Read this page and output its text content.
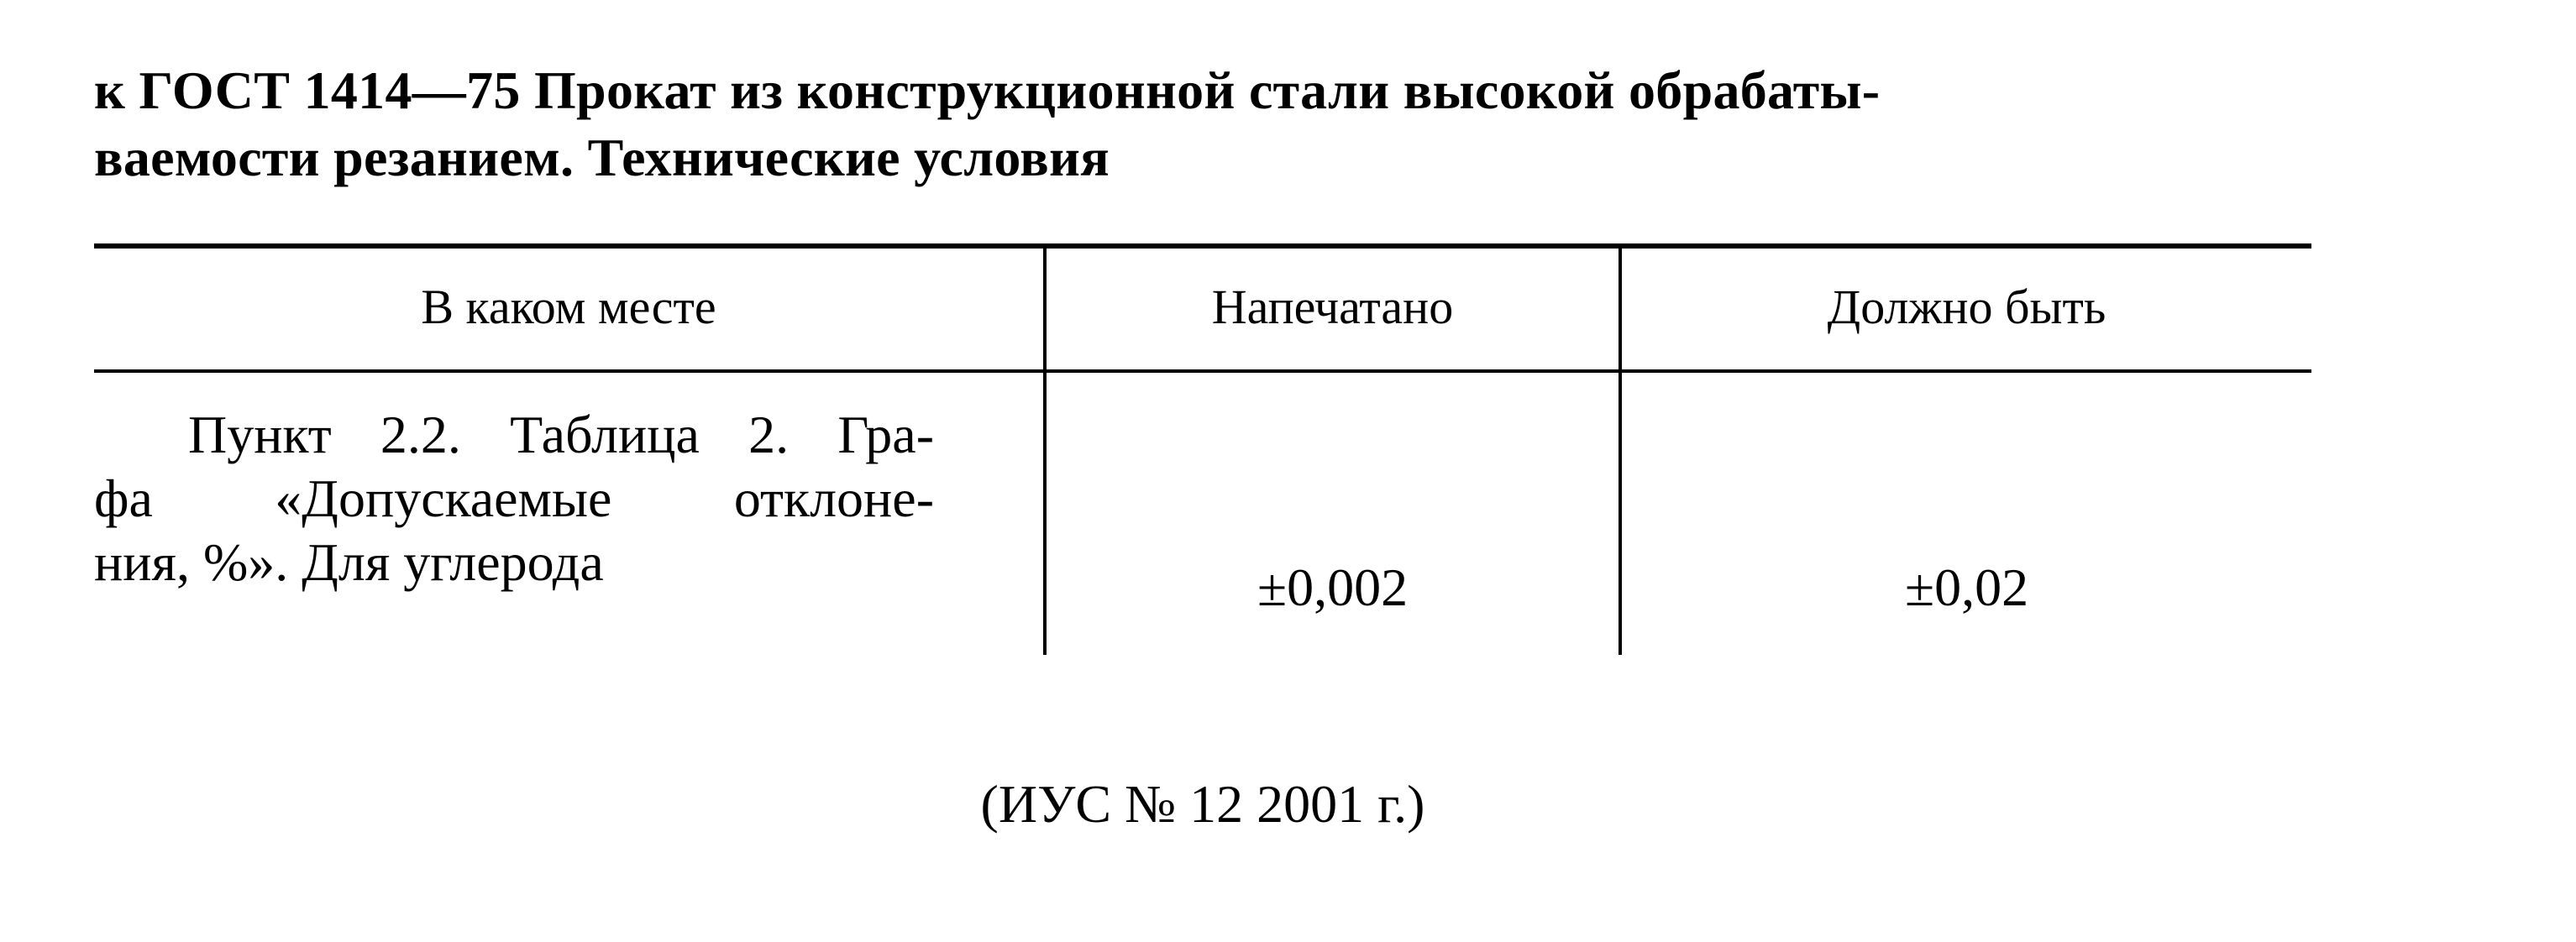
к ГОСТ 1414—75 Прокат из конструкционной стали высокой обрабаты-
ваемости резанием. Технические условия
В каком месте	Напечатано	Должно быть
Пункт 2.2. Таблица 2. Гра-
фа «Допускаемые отклоне-
ния, %». Для углерода	±0,002	±0,02
(ИУС № 12 2001 г.)
